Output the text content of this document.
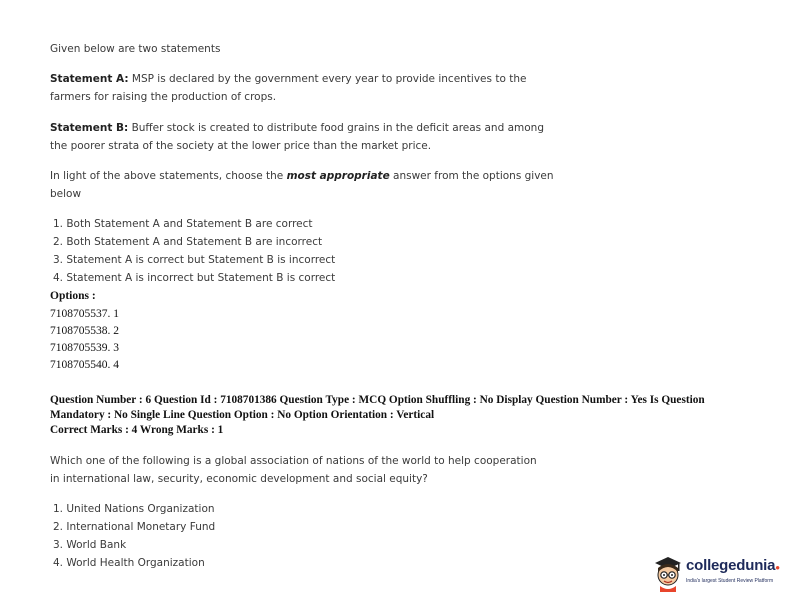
Given below are two statements
Statement A: MSP is declared by the government every year to provide incentives to the
farmers for raising the production of crops.
Statement B: Buffer stock is created to distribute food grains in the deficit areas and among
the poorer strata of the society at the lower price than the market price.
In light of the above statements, choose the most appropriate answer from the options given
below
1. Both Statement A and Statement B are correct
2. Both Statement A and Statement B are incorrect
3. Statement A is correct but Statement B is incorrect
4. Statement A is incorrect but Statement B is correct
Options :
7108705537. 1
7108705538. 2
7108705539. 3
7108705540. 4
Question Number : 6 Question Id : 7108701386 Question Type : MCQ Option Shuffling : No Display Question Number : Yes Is Question
Mandatory : No Single Line Question Option : No Option Orientation : Vertical
Correct Marks : 4 Wrong Marks : 1
Which one of the following is a global association of nations of the world to help cooperation
in international law, security, economic development and social equity?
1. United Nations Organization
2. International Monetary Fund
3. World Bank
4. World Health Organization	collegedunia●
India's largest Student Review Platform
